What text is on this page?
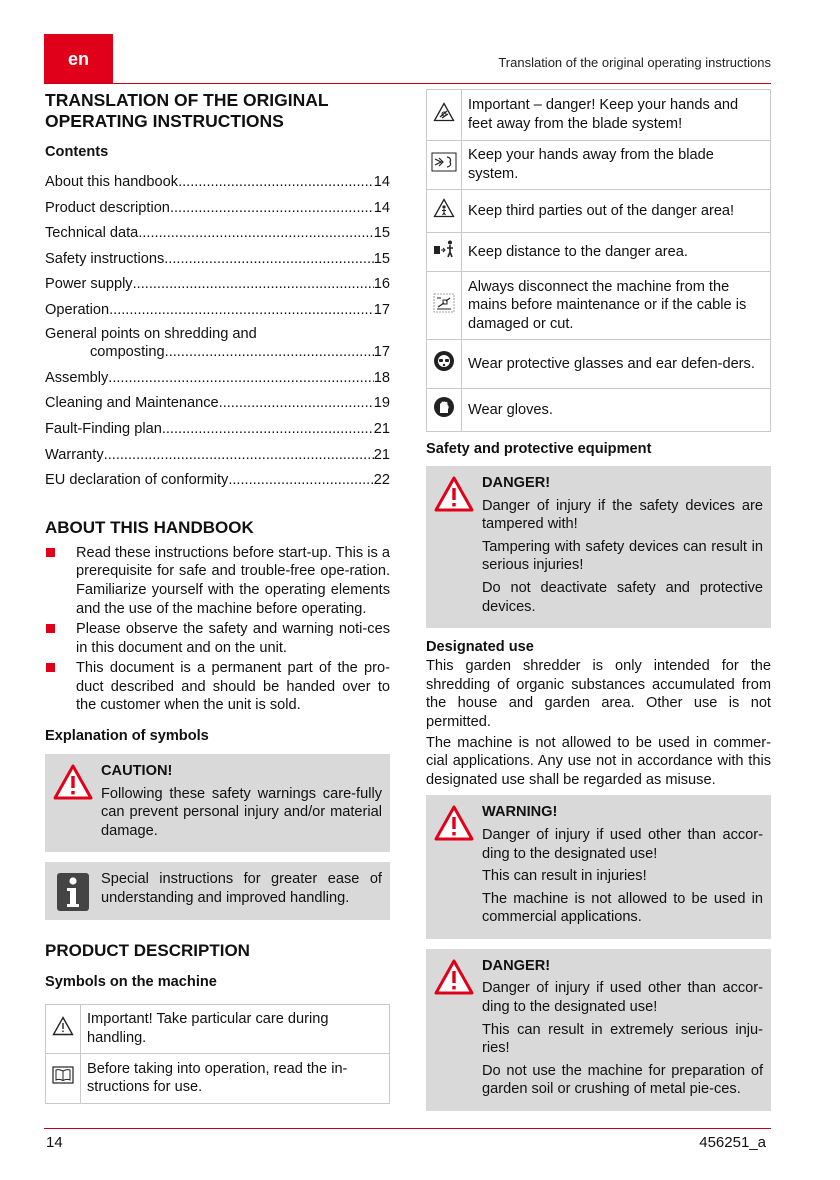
en	Translation of the original operating instructions
14	456251_a
TRANSLATION OF THE ORIGINAL
OPERATING INSTRUCTIONS
Contents
About this handbook .....	14
Product description .....	14
Technical data .....	15
Safety instructions .....	15
Power supply .....	16
Operation .....	17
General points on shredding and
composting .....	17
Assembly .....	18
Cleaning and Maintenance .....	19
Fault-Finding plan .....	21
Warranty .....	21
EU declaration of conformity .....	22
ABOUT THIS HANDBOOK
Read these instructions before start-up. This is a prerequisite for safe and trouble-free ope-ration. Familiarize yourself with the operating elements and the use of the machine before operating.
Please observe the safety and warning noti-ces in this document and on the unit.
This document is a permanent part of the pro-duct described and should be handed over to the customer when the unit is sold.
Explanation of symbols

CAUTION!

Following these safety warnings care-fully can prevent personal injury and/or material damage.

Special instructions for greater ease of understanding and improved handling.

PRODUCT DESCRIPTION
Symbols on the machine
	Important! Take particular care during handling.
	Before taking into operation, read the in-structions for use.
	Important – danger! Keep your hands and feet away from the blade system!
	Keep your hands away from the blade system.
	Keep third parties out of the danger area!
	Keep distance to the danger area.
	Always disconnect the machine from the mains before maintenance or if the cable is damaged or cut.
	Wear protective glasses and ear defen-ders.
	Wear gloves.
Safety and protective equipment

DANGER!

Danger of injury if the safety devices are tampered with!

Tampering with safety devices can result in serious injuries!

Do not deactivate safety and protective devices.

Designated use

This garden shredder is only intended for the shredding of organic substances accumulated from the house and garden area. Other use is not permitted.

The machine is not allowed to be used in commer-cial applications. Any use not in accordance with this designated use shall be regarded as misuse.

WARNING!

Danger of injury if used other than accor-ding to the designated use!

This can result in injuries!

The machine is not allowed to be used in commercial applications.

DANGER!

Danger of injury if used other than accor-ding to the designated use!

This can result in extremely serious inju-ries!

Do not use the machine for preparation of garden soil or crushing of metal pie-ces.
